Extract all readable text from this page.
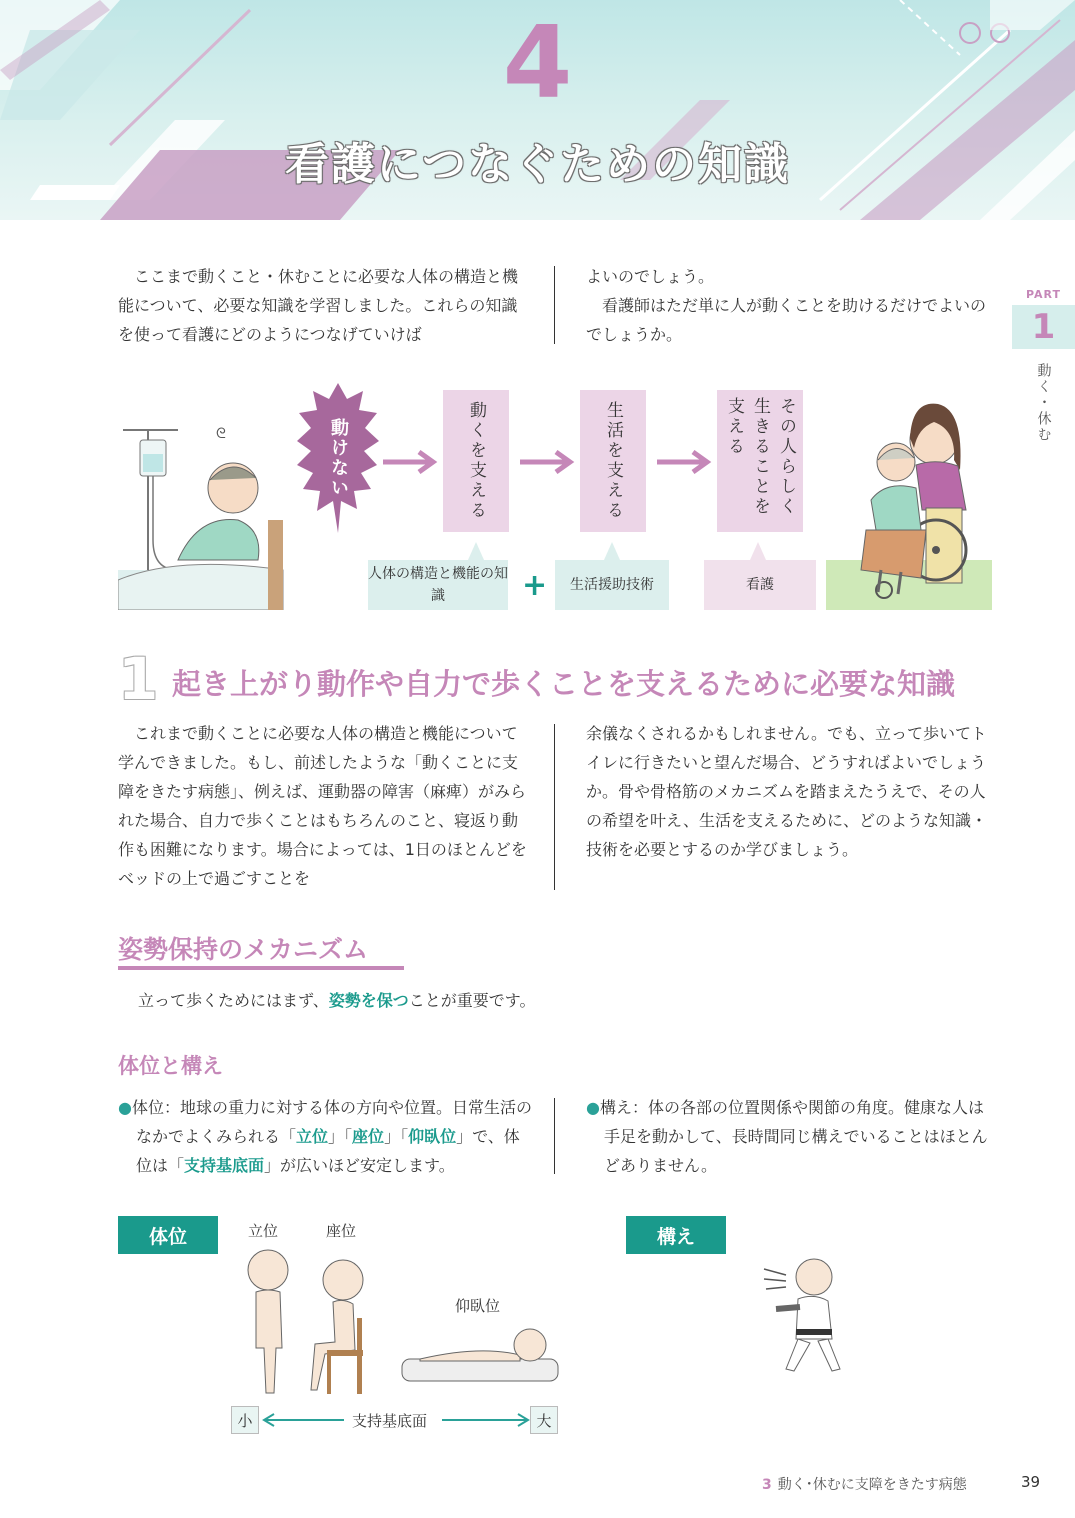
4
看護につなぐための知識
PART
1
動く・休む
　ここまで動くこと・休むことに必要な人体の構造と機能について、必要な知識を学習しました。これらの知識を使って看護にどのようにつなげていけば
よいのでしょう。
　看護師はただ単に人が動くことを助けるだけでよいのでしょうか。
ᘓ	動けない	動くを支える	生活を支える	その人らしく生きることを支える
人体の構造と機能の知識	+	生活援助技術	看護
1 起き上がり動作や自力で歩くことを支えるために必要な知識
　これまで動くことに必要な人体の構造と機能について学んできました。もし、前述したような「動くことに支障をきたす病態」、例えば、運動器の障害（麻痺）がみられた場合、自力で歩くことはもちろんのこと、寝返り動作も困難になります。場合によっては、1日のほとんどをベッドの上で過ごすことを
余儀なくされるかもしれません。でも、立って歩いてトイレに行きたいと望んだ場合、どうすればよいでしょうか。骨や骨格筋のメカニズムを踏まえたうえで、その人の希望を叶え、生活を支えるために、どのような知識・技術を必要とするのか学びましょう。
姿勢保持のメカニズム
立って歩くためにはまず、姿勢を保つことが重要です。
体位と構え
●体位：地球の重力に対する体の方向や位置。日常生活のなかでよくみられる「立位」「座位」「仰臥位」で、体位は「支持基底面」が広いほど安定します。
●構え：体の各部の位置関係や関節の角度。健康な人は手足を動かして、長時間同じ構えでいることはほとんどありません。
体位	構え
立位	座位
仰臥位
小	支持基底面	大
3 動く･休むに支障をきたす病態	39
